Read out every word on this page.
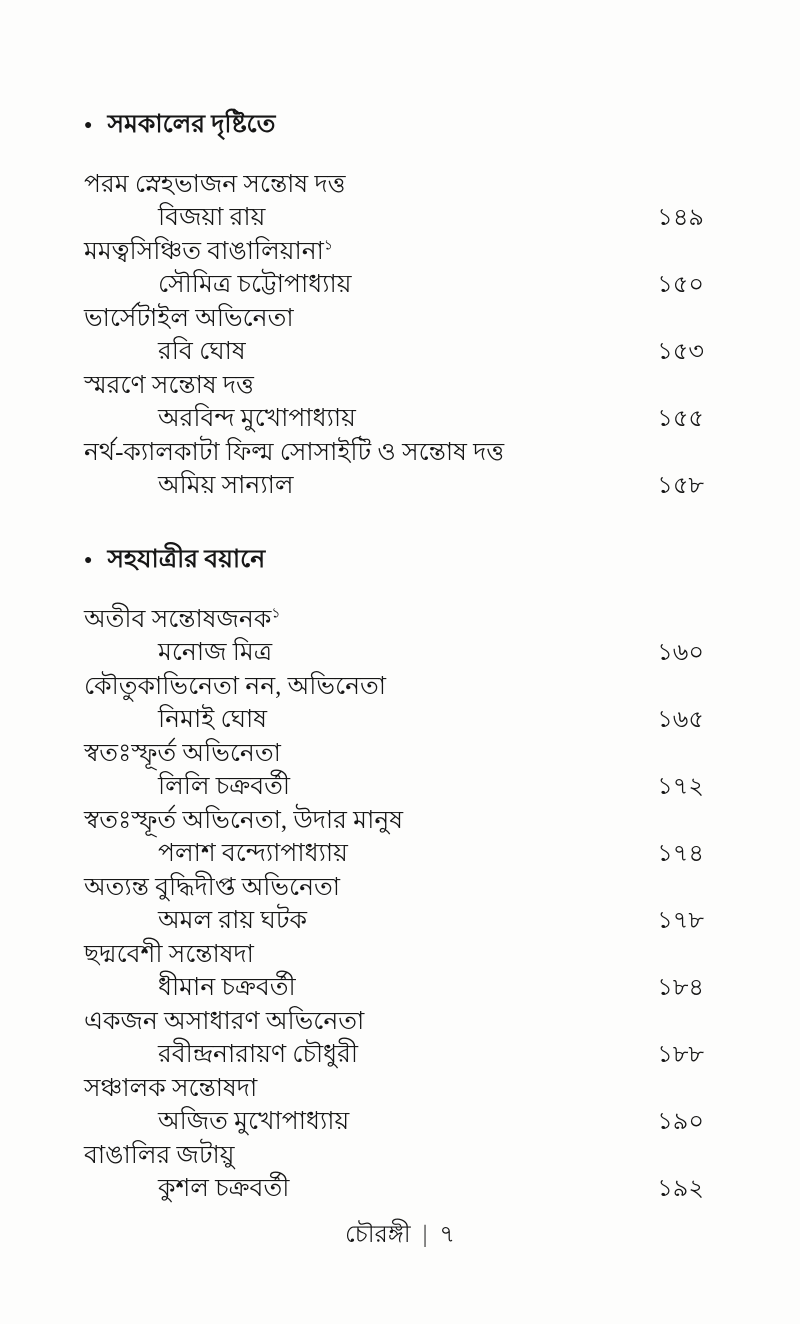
● সমকালের দৃষ্টিতে
পরম স্নেহভাজন সন্তোষ দত্ত
বিজয়া রায়	১৪৯
মমত্বসিঞ্চিত বাঙালিয়ানা$^১$
সৌমিত্র চট্টোপাধ্যায়	১৫০
ভার্সেটাইল অভিনেতা
রবি ঘোষ	১৫৩
স্মরণে সন্তোষ দত্ত
অরবিন্দ মুখোপাধ্যায়	১৫৫
নর্থ-ক্যালকাটা ফিল্ম সোসাইটি ও সন্তোষ দত্ত
অমিয় সান্যাল	১৫৮
● সহযাত্রীর বয়ানে
অতীব সন্তোষজনক$^১$
মনোজ মিত্র	১৬০
কৌতুকাভিনেতা নন, অভিনেতা
নিমাই ঘোষ	১৬৫
স্বতঃস্ফূর্ত অভিনেতা
লিলি চক্রবর্তী	১৭২
স্বতঃস্ফূর্ত অভিনেতা, উদার মানুষ
পলাশ বন্দ্যোপাধ্যায়	১৭৪
অত্যন্ত বুদ্ধিদীপ্ত অভিনেতা
অমল রায় ঘটক	১৭৮
ছদ্মবেশী সন্তোষদা
ধীমান চক্রবর্তী	১৮৪
একজন অসাধারণ অভিনেতা
রবীন্দ্রনারায়ণ চৌধুরী	১৮৮
সঞ্চালক সন্তোষদা
অজিত মুখোপাধ্যায়	১৯০
বাঙালির জটায়ু
কুশল চক্রবর্তী	১৯২
চৌরঙ্গী | ৭
